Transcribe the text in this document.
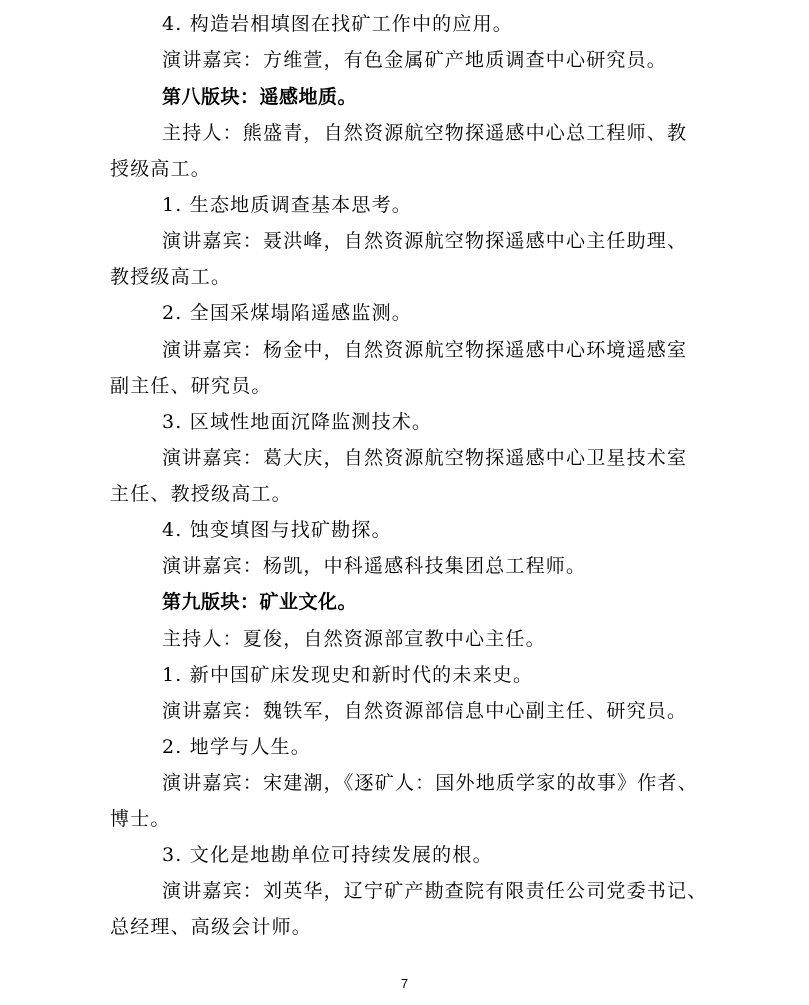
4. 构造岩相填图在找矿工作中的应用。
演讲嘉宾：方维萱，有色金属矿产地质调查中心研究员。
第八版块：遥感地质。
主持人：熊盛青，自然资源航空物探遥感中心总工程师、教
授级高工。
1. 生态地质调查基本思考。
演讲嘉宾：聂洪峰，自然资源航空物探遥感中心主任助理、
教授级高工。
2. 全国采煤塌陷遥感监测。
演讲嘉宾：杨金中，自然资源航空物探遥感中心环境遥感室
副主任、研究员。
3. 区域性地面沉降监测技术。
演讲嘉宾：葛大庆，自然资源航空物探遥感中心卫星技术室
主任、教授级高工。
4. 蚀变填图与找矿勘探。
演讲嘉宾：杨凯，中科遥感科技集团总工程师。
第九版块：矿业文化。
主持人：夏俊，自然资源部宣教中心主任。
1. 新中国矿床发现史和新时代的未来史。
演讲嘉宾：魏铁军，自然资源部信息中心副主任、研究员。
2. 地学与人生。
演讲嘉宾：宋建潮，《逐矿人：国外地质学家的故事》作者、
博士。
3. 文化是地勘单位可持续发展的根。
演讲嘉宾：刘英华，辽宁矿产勘查院有限责任公司党委书记、
总经理、高级会计师。
7
